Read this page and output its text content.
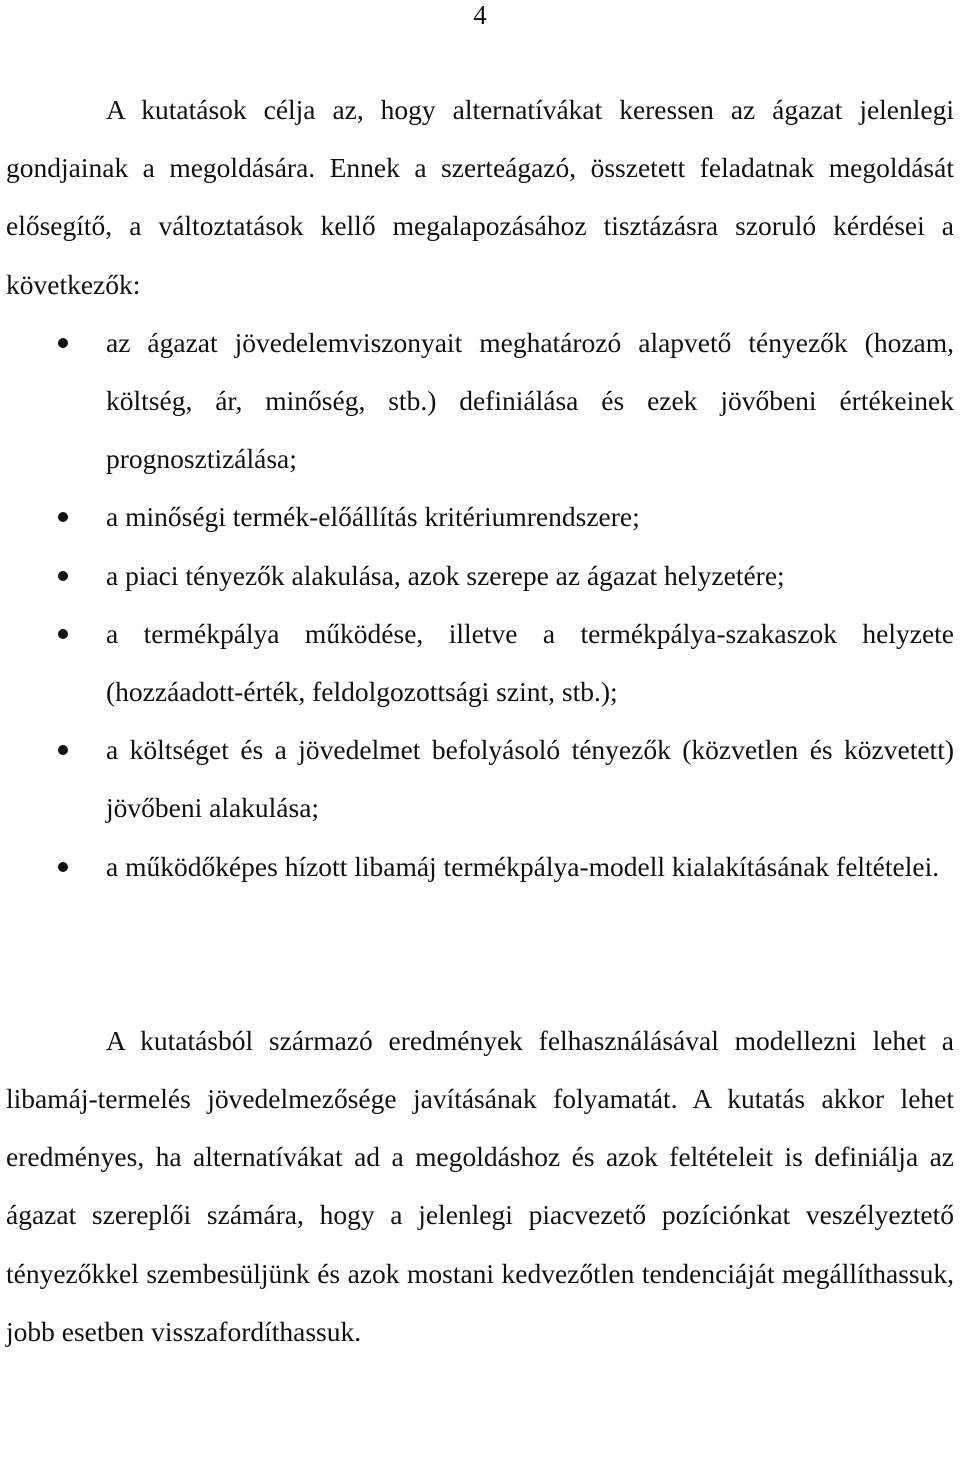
4

A kutatások célja az, hogy alternatívákat keressen az ágazat jelenlegi gondjainak a megoldására. Ennek a szerteágazó, összetett feladatnak megoldását elősegítő, a változtatások kellő megalapozásához tisztázásra szoruló kérdései a következők:

az ágazat jövedelemviszonyait meghatározó alapvető tényezők (hozam, költség, ár, minőség, stb.) definiálása és ezek jövőbeni értékeinek prognosztizálása;
a minőségi termék-előállítás kritériumrendszere;
a piaci tényezők alakulása, azok szerepe az ágazat helyzetére;
a termékpálya működése, illetve a termékpálya-szakaszok helyzete (hozzáadott-érték, feldolgozottsági szint, stb.);
a költséget és a jövedelmet befolyásoló tényezők (közvetlen és közvetett) jövőbeni alakulása;
a működőképes hízott libamáj termékpálya-modell kialakításának feltételei.

A kutatásból származó eredmények felhasználásával modellezni lehet a libamáj-termelés jövedelmezősége javításának folyamatát. A kutatás akkor lehet eredményes, ha alternatívákat ad a megoldáshoz és azok feltételeit is definiálja az ágazat szereplői számára, hogy a jelenlegi piacvezető pozíciónkat veszélyeztető tényezőkkel szembesüljünk és azok mostani kedvezőtlen tendenciáját megállíthassuk, jobb esetben visszafordíthassuk.
